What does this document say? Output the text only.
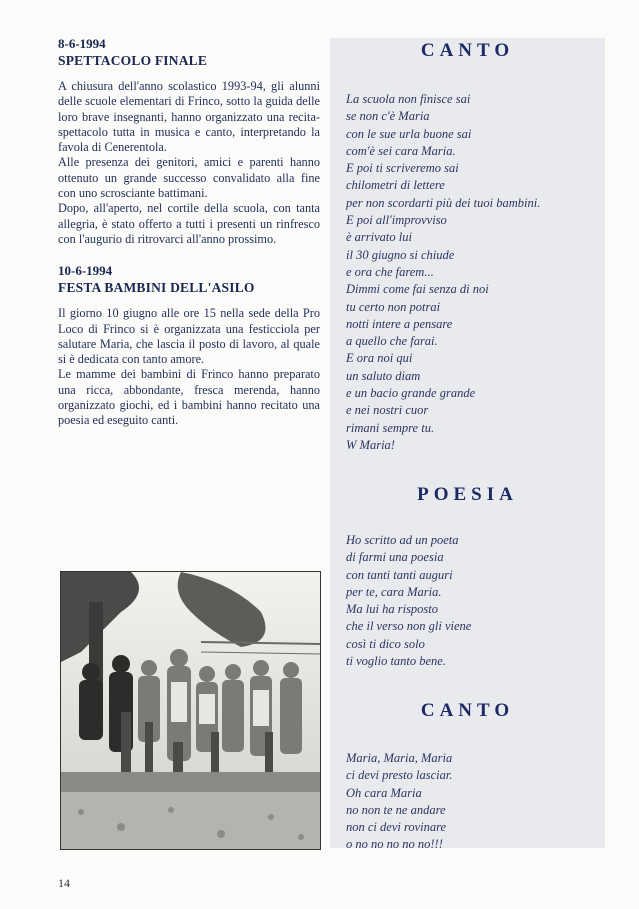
8-6-1994

SPETTACOLO FINALE

A chiusura dell'anno scolastico 1993-94, gli alunni delle scuole elementari di Frinco, sotto la guida delle loro brave insegnanti, hanno organizzato una recita-spettacolo tutta in musica e canto, interpretando la favola di Cenerentola.

Alle presenza dei genitori, amici e parenti hanno ottenuto un grande successo convalidato alla fine con uno scrosciante battimani.

Dopo, all'aperto, nel cortile della scuola, con tanta allegria, è stato offerto a tutti i presenti un rinfresco con l'augurio di ritrovarci all'anno prossimo.

10-6-1994

FESTA BAMBINI DELL'ASILO

Il giorno 10 giugno alle ore 15 nella sede della Pro Loco di Frinco si è organizzata una festicciola per salutare Maria, che lascia il posto di lavoro, al quale si è dedicata con tanto amore.

Le mamme dei bambini di Frinco hanno preparato una ricca, abbondante, fresca merenda, hanno organizzato giochi, ed i bambini hanno recitato una poesia ed eseguito canti.

CANTO
La scuola non finisce sai
se non c'è Maria
con le sue urla buone sai
com'è sei cara Maria.
E poi ti scriveremo sai
chilometri di lettere
per non scordarti più dei tuoi bambini.
E poi all'improvviso
è arrivato lui
il 30 giugno si chiude
e ora che farem...
Dimmi come fai senza di noi
tu certo non potrai
notti intere a pensare
a quello che farai.
E ora noi qui
un saluto diam
e un bacio grande grande
e nei nostri cuor
rimani sempre tu.
W Maria!
POESIA
Ho scritto ad un poeta
di farmi una poesia
con tanti tanti auguri
per te, cara Maria.
Ma lui ha risposto
che il verso non gli viene
così ti dico solo
ti voglio tanto bene.
CANTO
Maria, Maria, Maria
ci devi presto lasciar.
Oh cara Maria
no non te ne andare
non ci devi rovinare
o no no no no no!!!
14
